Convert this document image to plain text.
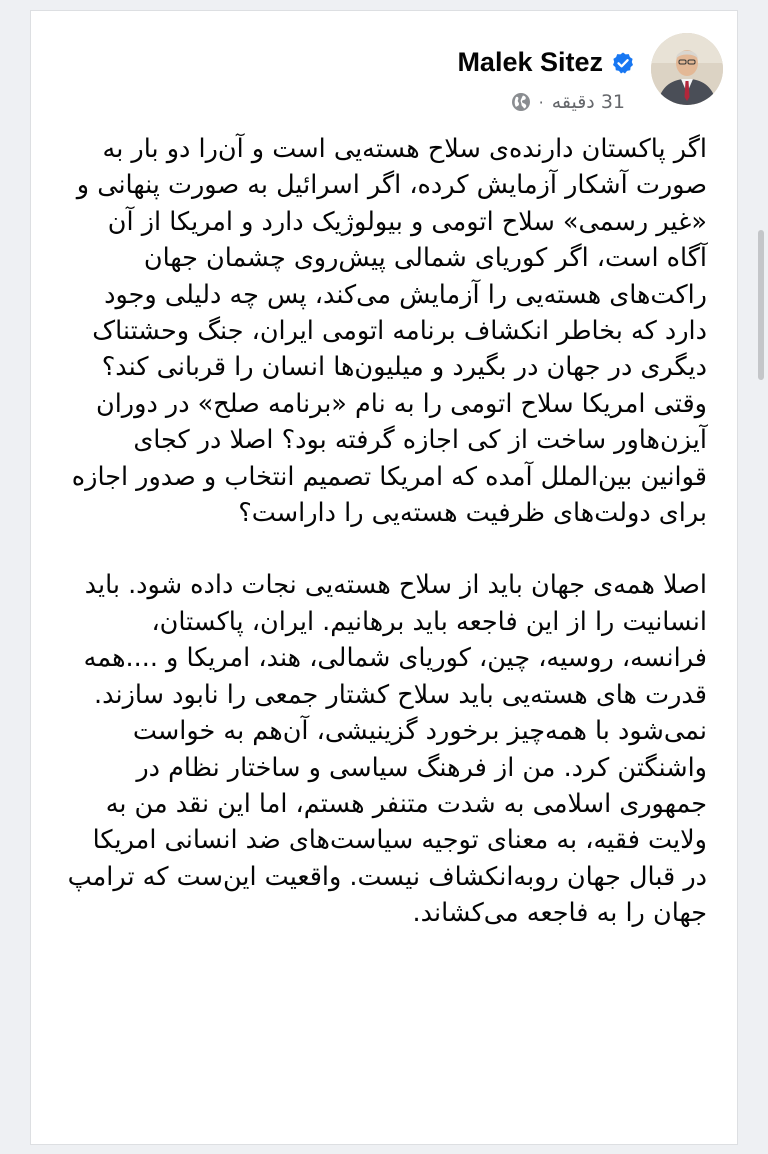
Malek Sitez
31 دقیقه
·

اگر پاکستان دارنده‌ی سلاح هسته‌یی است و آن‌را دو بار به صورت آشکار آزمایش کرده، اگر اسرائیل به صورت پنهانی و «غیر رسمی» سلاح اتومی و بیولوژیک دارد و امریکا از آن آگاه است، اگر کوریای شمالی پیش‌روی چشمان جهان راکت‌های هسته‌یی را آزمایش می‌کند، پس چه دلیلی وجود دارد که بخاطر انکشاف برنامه اتومی ایران، جنگ وحشتناک دیگری در جهان در بگیرد و میلیون‌ها انسان را قربانی کند؟ وقتی امریکا سلاح اتومی را به نام «برنامه صلح» در دوران آیزن‌هاور ساخت از کی اجازه گرفته بود؟ اصلا در کجای قوانین بین‌الملل آمده که امریکا تصمیم انتخاب و صدور اجازه برای دولت‌های ظرفیت هسته‌یی را داراست؟

اصلا همه‌ی جهان باید از سلاح هسته‌یی نجات داده شود. باید انسانیت را از این فاجعه باید برهانیم. ایران، پاکستان، فرانسه، روسیه، چین، کوریای شمالی، هند، امریکا و ....همه قدرت های هسته‌یی باید سلاح کشتار جمعی را نابود سازند. نمی‌شود با همه‌چیز برخورد گزینیشی، آن‌هم به خواست واشنگتن کرد. من از فرهنگ سیاسی و ساختار نظام در جمهوری اسلامی به شدت متنفر هستم، اما این نقد من به ولایت فقیه، به معنای توجیه سیاست‌های ضد انسانی امریکا در قبال جهان روبه‌انکشاف نیست. واقعیت این‌ست که ترامپ جهان را به فاجعه می‌کشاند.
